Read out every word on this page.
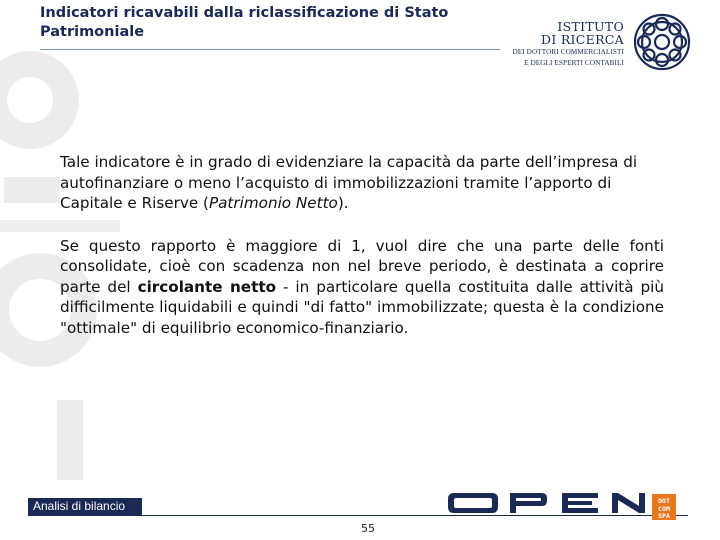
Indicatori ricavabili dalla riclassificazione di Stato Patrimoniale	ISTITUTO
DI RICERCA
DEI DOTTORI COMMERCIALISTI
E DEGLI ESPERTI CONTABILI

Tale indicatore è in grado di evidenziare la capacità da parte dell’impresa di autofinanziare o meno l’acquisto di immobilizzazioni tramite l’apporto di Capitale e Riserve (Patrimonio Netto).

Se questo rapporto è maggiore di 1, vuol dire che una parte delle fonti consolidate, cioè con scadenza non nel breve periodo, è destinata a coprire parte del circolante netto - in particolare quella costituita dalle attività più difficilmente liquidabili e quindi "di fatto" immobilizzate; questa è la condizione "ottimale" di equilibrio economico-finanziario.

Analisi di bilancio	DOT
COM
SPA
55
